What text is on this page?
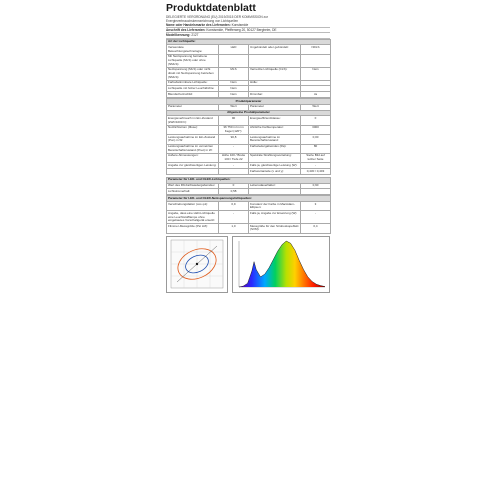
Produktdatenblatt
DELEGIERTE VERORDNUNG (EU) 2019/2015 DER KOMMISSION zur
Energieverbrauchskennzeichnung von Lichtquellen
Name oder Handelsmarke des Lieferanten: Konstsmide
Anschrift des Lieferanten: Konstsmide, Pfeifferweg 20, 50127 Bergheim, DE
Modellkennung: 2127
Art der Lichtquelle:			
Verwendete Beleuchtungstechnologie:	LED	Ungebündelt oder gebündelt:	NDLS
Mit Netzspannung betriebene Lichtquelle (MLS) oder ohne (NMLS):			
Netzspannung (MLS) oder nicht direkt mit Netzspannung betrieben (NMLS):	MLS	Vernetzte Lichtquelle (CLS):	Nein
Farbabstimmbare Lichtquelle:	Nein	Hülle:	
Lichtquelle mit hoher Leuchtdichte:	Nein		
Blendschutzschild:	Nein	Dimmbar:	Ja
Produktparameter			
Parameter	Wert	Parameter	Wert
Allgemeine Produktparameter			
Energieverbrauch im Ein-Zustand (kWh/1000 h):	90	Energieeffizienzklasse:	F
Nutzlichtstrom (Φuse):	36 750 in lm im Kegel (120°):	Ähnliche Farbtemperatur:	3000
Leistungsaufnahme im Ein-Zustand (Pon) in W:	90,8	Leistungsaufnahme im Bereitschaftszustand:	0,00
Leistungsaufnahme im vernetzten Bereitschaftszustand (Pnet) in W:	-	Farbwiedergabeindex (Ra):	80
Äußere Abmessungen:	Höhe 100 / Breite 100 / Tiefe 22	Spektrale Strahlungsverteilung:	Siehe Bild auf letzter Seite
Angabe zur gleichwertigen Leistung:	-	Falls ja, gleichwertige Leistung (W):	-
		Farbwertanteile (x und y):	0,430 / 0,403
Parameter für LED- und OLED-Lichtquellen:			
Wert des R9-Farbwiedergabeindex:	0	Lebensdauerfaktor:	0,90
Lichtstromerhalt:	0,58		
Parameter für LED- und OLED-Netzspannungslichtquellen:			
Verschiebungsfaktor (cos φ1):	0,9	Konstanz der Farbe in MacAdam-Ellipsen:	3
Angabe, dass eine LED-Lichtquelle eine Leuchtstofflampe ohne eingebautes Vorschaltgerät ersetzt:	-	Falls ja, Angabe zur Ersetzung (W):	-
Flimmer-Messgröße (Pst LM):	1,0	Messgröße für den Stroboskopeffekt (SVM):	0,4
